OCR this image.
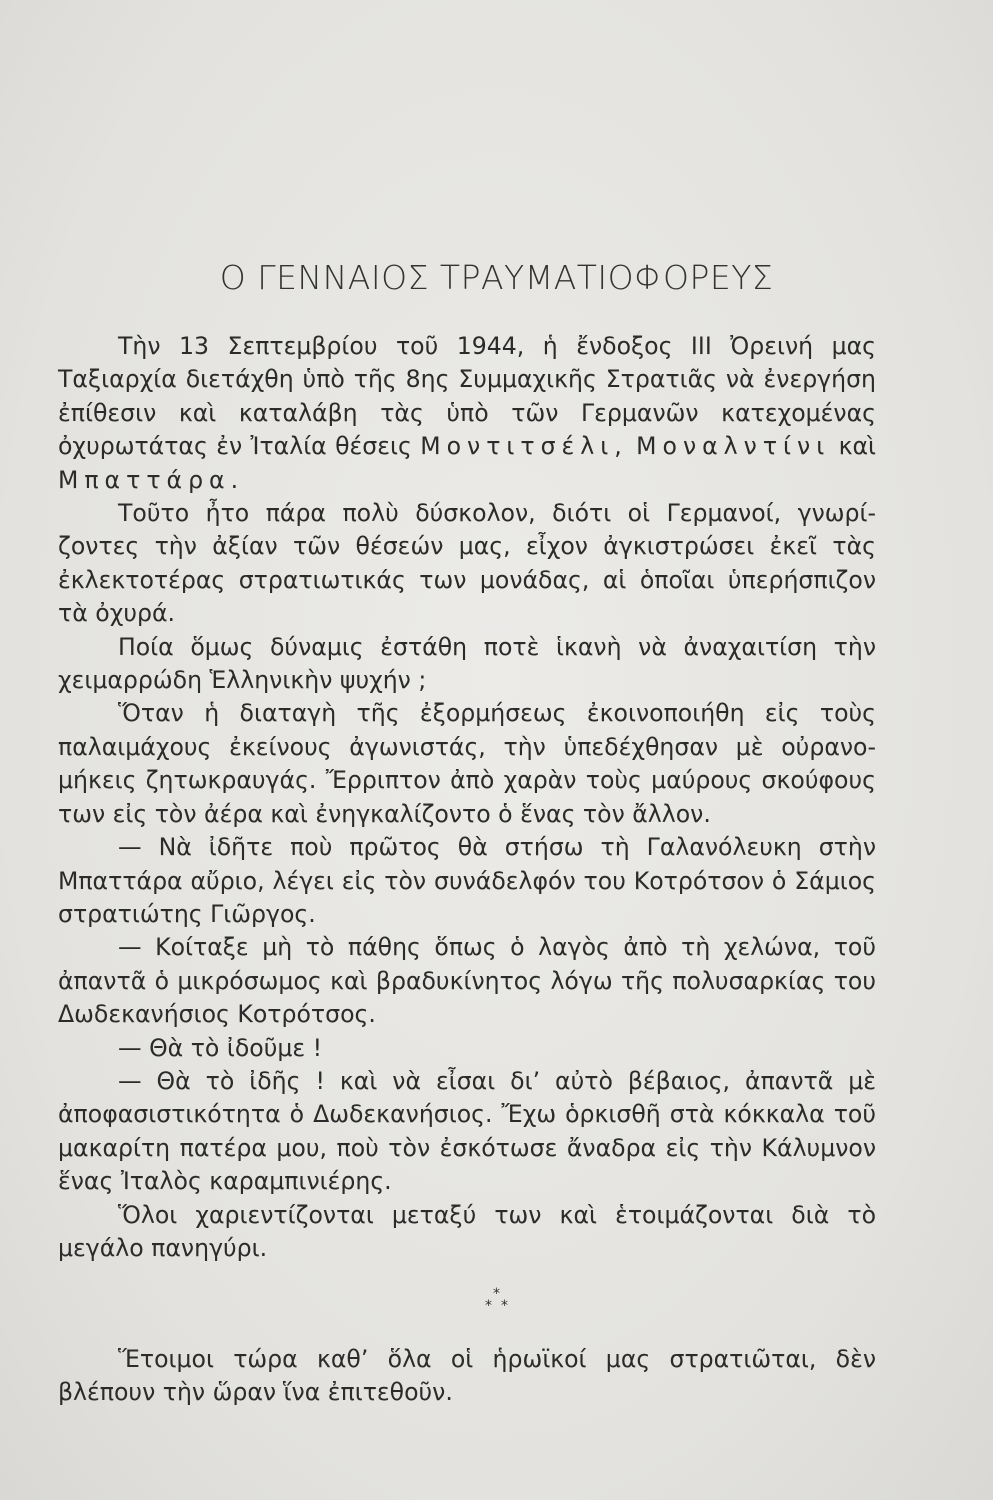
Ο ΓΕΝΝΑΙΟΣ ΤΡΑΥΜΑΤΙΟΦΟΡΕΥΣ

Τὴν 13 Σεπτεμβρίου τοῦ 1944, ἡ ἔνδοξος ΙΙΙ Ὀρεινή μας Ταξιαρχία διετάχθη ὑπὸ τῆς 8ης Συμμαχικῆς Στρατιᾶς νὰ ἐνεργήση ἐπίθεσιν καὶ καταλάβη τὰς ὑπὸ τῶν Γερμανῶν κατεχομένας ὀχυρωτάτας ἐν Ἰταλία θέσεις Μοντιτσέλι, Μοναλντίνι καὶ Μπαττάρα.

Τοῦτο ἦτο πάρα πολὺ δύσκολον, διότι οἱ Γερμανοί, γνωρίζοντες τὴν ἀξίαν τῶν θέσεών μας, εἶχον ἀγκιστρώσει ἐκεῖ τὰς ἐκλεκτοτέρας στρατιωτικάς των μονάδας, αἱ ὁποῖαι ὑπερήσπιζον τὰ ὀχυρά.

Ποία ὅμως δύναμις ἐστάθη ποτὲ ἱκανὴ νὰ ἀναχαιτίση τὴν χειμαρρώδη Ἑλληνικὴν ψυχήν ;

Ὅταν ἡ διαταγὴ τῆς ἐξορμήσεως ἐκοινοποιήθη εἰς τοὺς παλαιμάχους ἐκείνους ἀγωνιστάς, τὴν ὑπεδέχθησαν μὲ οὐρανομήκεις ζητωκραυγάς. Ἔρριπτον ἀπὸ χαρὰν τοὺς μαύρους σκούφους των εἰς τὸν ἀέρα καὶ ἐνηγκαλίζοντο ὁ ἕνας τὸν ἄλλον.

— Νὰ ἰδῆτε ποὺ πρῶτος θὰ στήσω τὴ Γαλανόλευκη στὴν Μπαττάρα αὔριο, λέγει εἰς τὸν συνάδελφόν του Κοτρότσον ὁ Σάμιος στρατιώτης Γιῶργος.

— Κοίταξε μὴ τὸ πάθης ὅπως ὁ λαγὸς ἀπὸ τὴ χελώνα, τοῦ ἀπαντᾶ ὁ μικρόσωμος καὶ βραδυκίνητος λόγω τῆς πολυσαρκίας του Δωδεκανήσιος Κοτρότσος.

— Θὰ τὸ ἰδοῦμε !

— Θὰ τὸ ἰδῆς ! καὶ νὰ εἶσαι δι’ αὐτὸ βέβαιος, ἀπαντᾶ μὲ ἀποφασιστικότητα ὁ Δωδεκανήσιος. Ἔχω ὁρκισθῆ στὰ κόκκαλα τοῦ μακαρίτη πατέρα μου, ποὺ τὸν ἐσκότωσε ἄναδρα εἰς τὴν Κάλυμνον ἕνας Ἰταλὸς καραμπινιέρης.

Ὅλοι χαριεντίζονται μεταξύ των καὶ ἑτοιμάζονται διὰ τὸ μεγάλο πανηγύρι.

*
*  *

Ἕτοιμοι τώρα καθ’ ὅλα οἱ ἡρωϊκοί μας στρατιῶται, δὲν βλέπουν τὴν ὥραν ἵνα ἐπιτεθοῦν.
